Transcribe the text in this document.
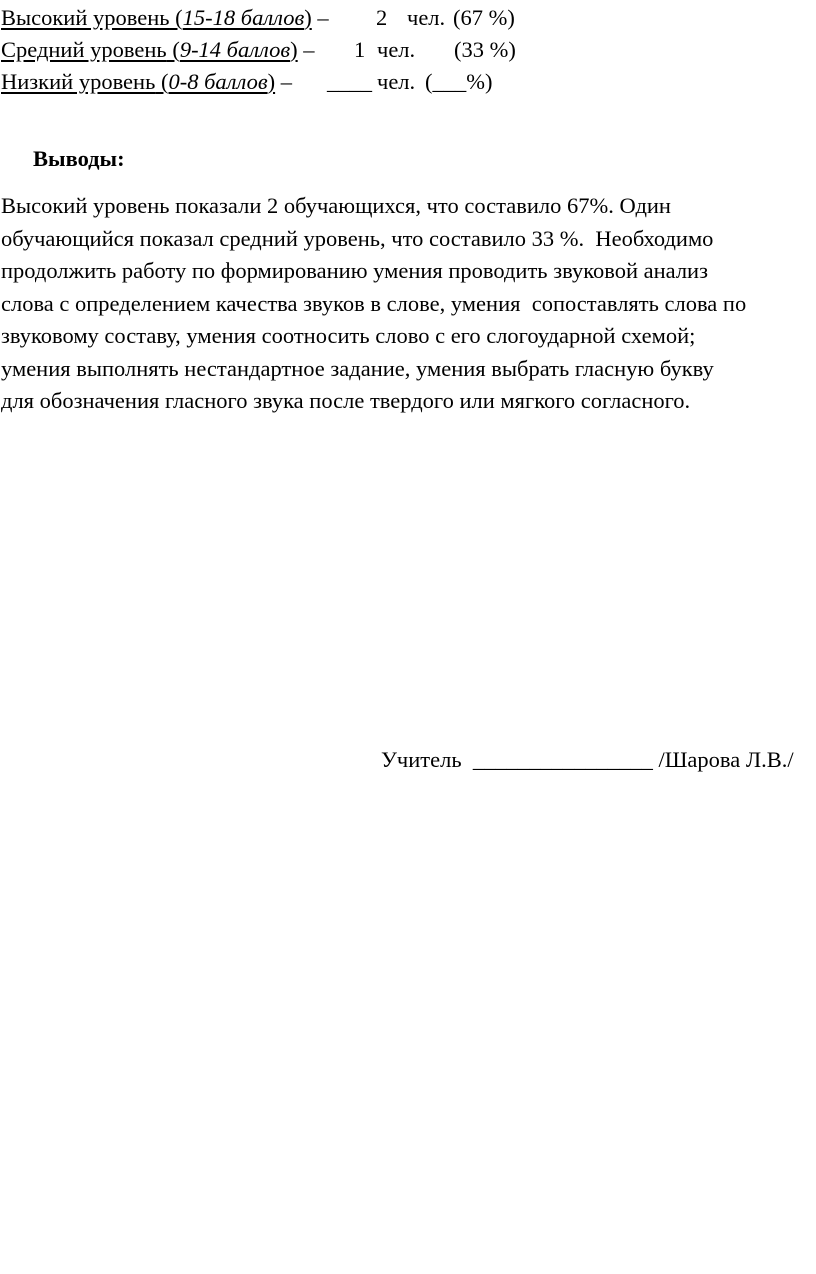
Высокий уровень (15-18 баллов) –

2

чел.

(67 %)

Средний уровень (9-14 баллов) –

1

чел.

(33 %)

Низкий уровень (0-8 баллов) –

____

чел.

(___%)

Выводы:
Высокий уровень показали 2 обучающихся, что составило 67%. Один
обучающийся показал средний уровень, что составило 33 %.  Необходимо
продолжить работу по формированию умения проводить звуковой анализ
слова с определением качества звуков в слове, умения  сопоставлять слова по
звуковому составу, умения соотносить слово с его слогоударной схемой;
умения выполнять нестандартное задание, умения выбрать гласную букву
для обозначения гласного звука после твердого или мягкого согласного.
Учитель ________________ /Шарова Л.В./
